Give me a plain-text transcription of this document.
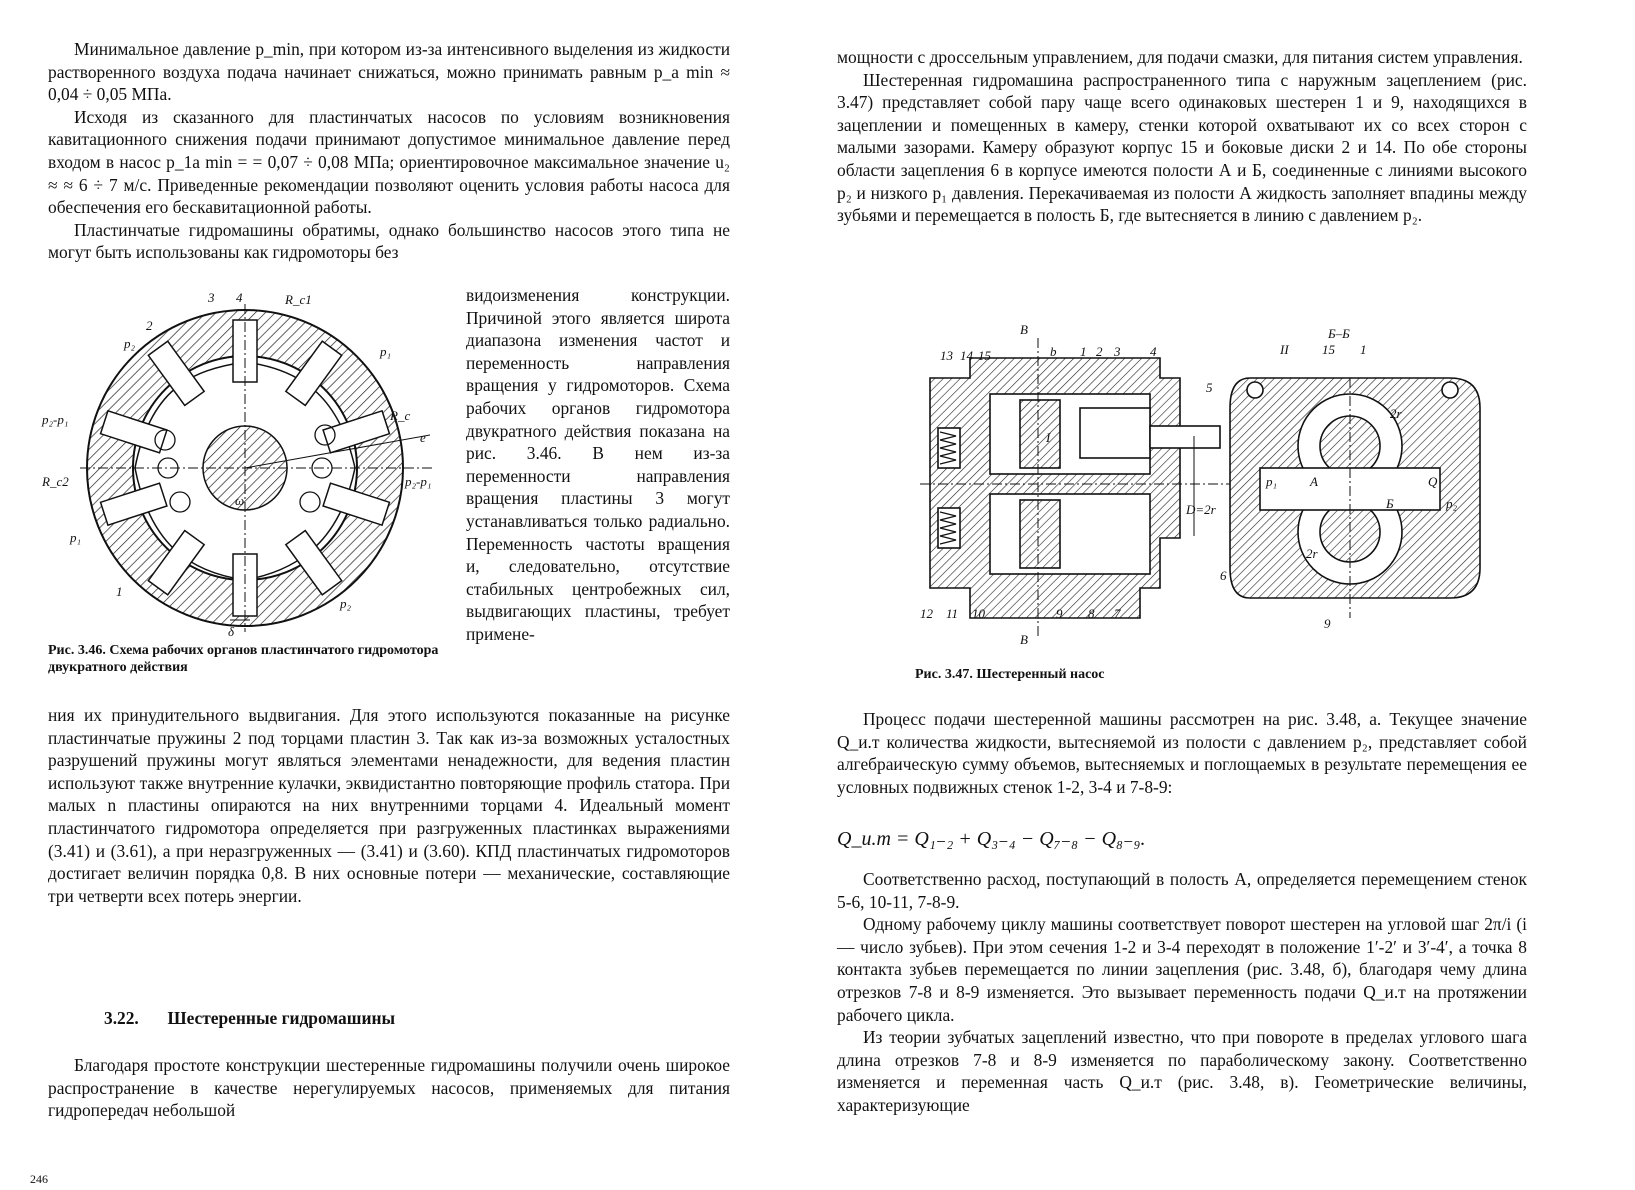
Минимальное давление p_min, при котором из-за интенсивного выделения из жидкости растворенного воздуха подача начинает снижаться, можно принимать равным p_a min ≈ 0,04 ÷ 0,05 МПа.

Исходя из сказанного для пластинчатых насосов по условиям возникновения кавитационного снижения подачи принимают допустимое минимальное давление перед входом в насос p_1a min = = 0,07 ÷ 0,08 МПа; ориентировочное максимальное значение u₂ ≈ ≈ 6 ÷ 7 м/с. Приведенные рекомендации позволяют оценить условия работы насоса для обеспечения его бескавитационной работы.

Пластинчатые гидромашины обратимы, однако большинство насосов этого типа не могут быть использованы как гидромоторы без

3 4	R_c1
p₂
2
p₁
p₂-p₁	R_c
e
R_c2
ω
p₂-p₁
p₁
1
p₂
δ

видоизменения конструкции. Причиной этого является широта диапазона изменения частот и переменность направления вращения у гидромоторов. Схема рабочих органов гидромотора двукратного действия показана на рис. 3.46. В нем из-за переменности направления вращения пластины 3 могут устанавливаться только радиально. Переменность частоты вращения и, следовательно, отсутствие стабильных центробежных сил, выдвигающих пластины, требует примене-

Рис. 3.46. Схема рабочих органов пластинчатого гидромотора двукратного действия

ния их принудительного выдвигания. Для этого используются показанные на рисунке пластинчатые пружины 2 под торцами пластин 3. Так как из-за возможных усталостных разрушений пружины могут являться элементами ненадежности, для ведения пластин используют также внутренние кулачки, эквидистантно повторяющие профиль статора. При малых n пластины опираются на них внутренними торцами 4. Идеальный момент пластинчатого гидромотора определяется при разгруженных пластинках выражениями (3.41) и (3.61), а при неразгруженных — (3.41) и (3.60). КПД пластинчатых гидромоторов достигает величин порядка 0,8. В них основные потери — механические, составляющие три четверти всех потерь энергии.

3.22. Шестеренные гидромашины

Благодаря простоте конструкции шестеренные гидромашины получили очень широкое распространение в качестве нерегулируемых насосов, применяемых для питания гидропередач небольшой

246

мощности с дроссельным управлением, для подачи смазки, для питания систем управления.

Шестеренная гидромашина распространенного типа с наружным зацеплением (рис. 3.47) представляет собой пару чаще всего одинаковых шестерен 1 и 9, находящихся в зацеплении и помещенных в камеру, стенки которой охватывают их со всех сторон с малыми зазорами. Камеру образуют корпус 15 и боковые диски 2 и 14. По обе стороны области зацепления 6 в корпусе имеются полости А и Б, соединенные с линиями высокого p₂ и низкого p₁ давления. Перекачиваемая из полости А жидкость заполняет впадины между зубьями и перемещается в полость Б, где вытесняется в линию с давлением p₂.

13 14 15	b 1 2 3 4
5
I
D=2r
12 11 10	9 8 7
В
В
Б–Б
II	15 1
p₁	A	Q
Б	p₂
6
9
2r
2r
Рис. 3.47. Шестеренный насос

Процесс подачи шестеренной машины рассмотрен на рис. 3.48, а. Текущее значение Q_и.т количества жидкости, вытесняемой из полости с давлением p₂, представляет собой алгебраическую сумму объемов, вытесняемых и поглощаемых в результате перемещения ее условных подвижных стенок 1-2, 3-4 и 7-8-9:

Q_и.т = Q₁₋₂ + Q₃₋₄ − Q₇₋₈ − Q₈₋₉.

Соответственно расход, поступающий в полость А, определяется перемещением стенок 5-6, 10-11, 7-8-9.

Одному рабочему циклу машины соответствует поворот шестерен на угловой шаг 2π/i (i — число зубьев). При этом сечения 1-2 и 3-4 переходят в положение 1′-2′ и 3′-4′, а точка 8 контакта зубьев перемещается по линии зацепления (рис. 3.48, б), благодаря чему длина отрезков 7-8 и 8-9 изменяется. Это вызывает переменность подачи Q_и.т на протяжении рабочего цикла.

Из теории зубчатых зацеплений известно, что при повороте в пределах углового шага длина отрезков 7-8 и 8-9 изменяется по параболическому закону. Соответственно изменяется и переменная часть Q_и.т (рис. 3.48, в). Геометрические величины, характеризующие
